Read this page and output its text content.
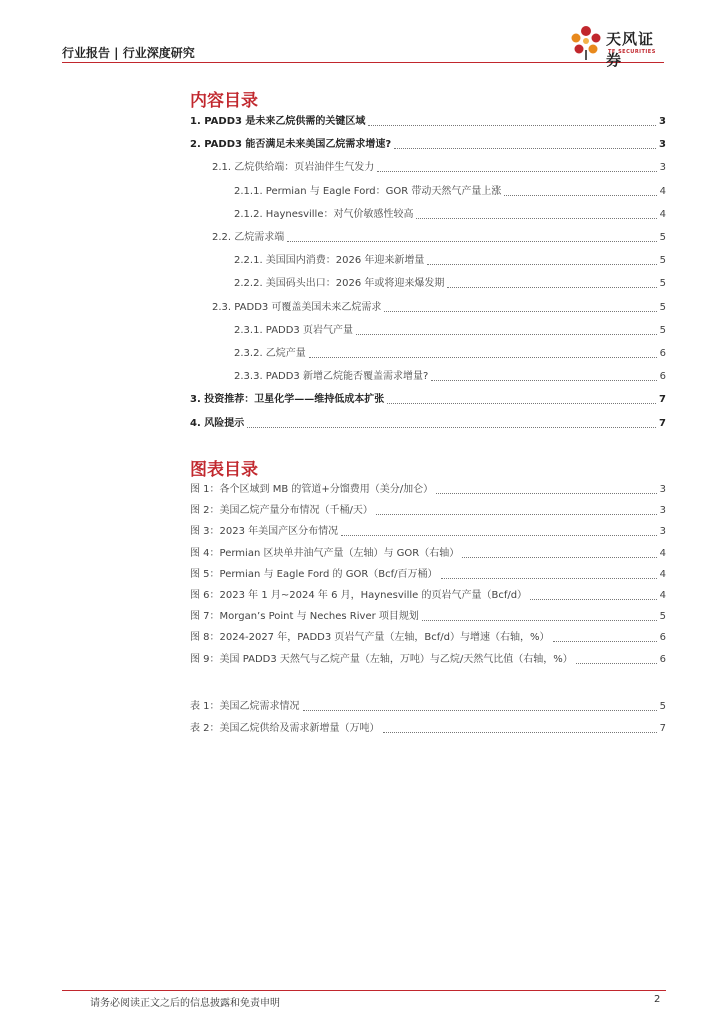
行业报告 | 行业深度研究
天风证券
TF SECURITIES
内容目录
1. PADD3 是未来乙烷供需的关键区域	3
2. PADD3 能否满足未来美国乙烷需求增速?	3
2.1. 乙烷供给端：页岩油伴生气发力	3
2.1.1. Permian 与 Eagle Ford：GOR 带动天然气产量上涨	4
2.1.2. Haynesville：对气价敏感性较高	4
2.2. 乙烷需求端	5
2.2.1. 美国国内消费：2026 年迎来新增量	5
2.2.2. 美国码头出口：2026 年或将迎来爆发期	5
2.3. PADD3 可覆盖美国未来乙烷需求	5
2.3.1. PADD3 页岩气产量	5
2.3.2. 乙烷产量	6
2.3.3. PADD3 新增乙烷能否覆盖需求增量?	6
3. 投资推荐：卫星化学——维持低成本扩张	7
4. 风险提示	7
图表目录
图 1：各个区域到 MB 的管道+分馏费用（美分/加仑）	3
图 2：美国乙烷产量分布情况（千桶/天）	3
图 3：2023 年美国产区分布情况	3
图 4：Permian 区块单井油气产量（左轴）与 GOR（右轴）	4
图 5：Permian 与 Eagle Ford 的 GOR（Bcf/百万桶）	4
图 6：2023 年 1 月~2024 年 6 月，Haynesville 的页岩气产量（Bcf/d）	4
图 7：Morgan’s Point 与 Neches River 项目规划	5
图 8：2024-2027 年，PADD3 页岩气产量（左轴，Bcf/d）与增速（右轴，%）	6
图 9：美国 PADD3 天然气与乙烷产量（左轴，万吨）与乙烷/天然气比值（右轴，%）	6
表 1：美国乙烷需求情况	5
表 2：美国乙烷供给及需求新增量（万吨）	7
请务必阅读正文之后的信息披露和免责申明	2
